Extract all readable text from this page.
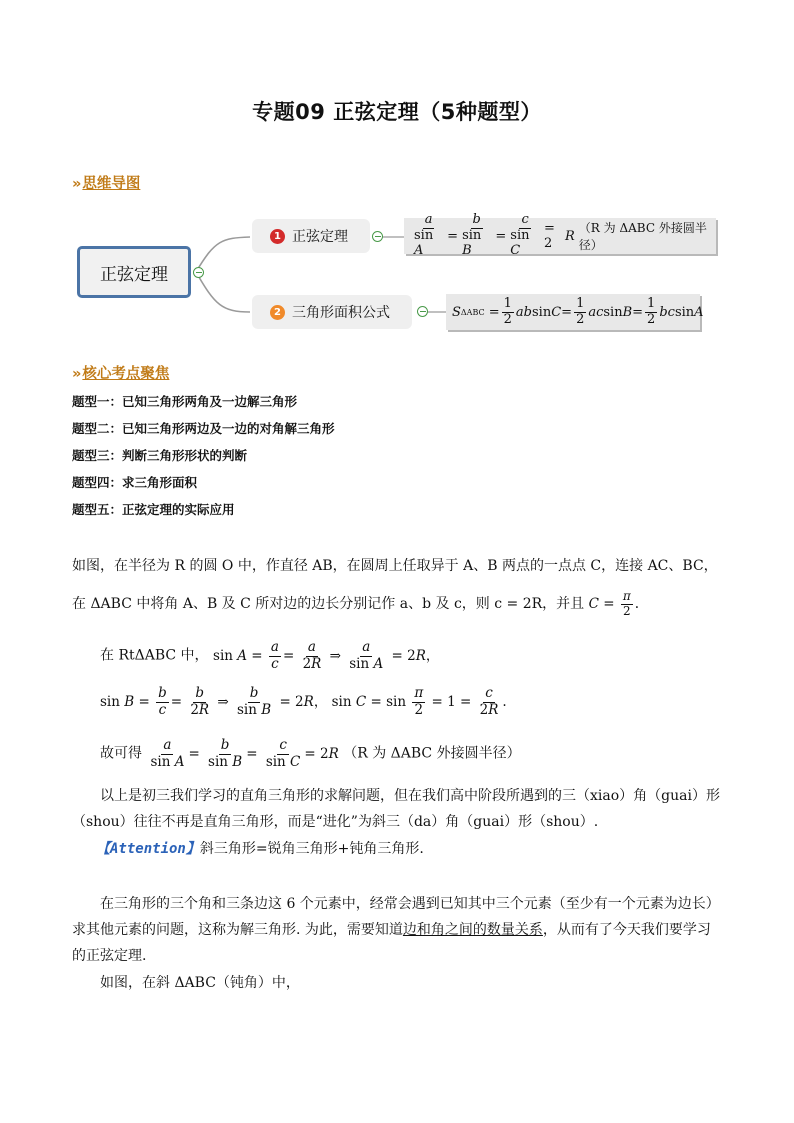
专题09 正弦定理（5种题型）
» 思维导图
正弦定理
1 正弦定理
2 三角形面积公式
$\frac{a}{\text{sin A}} = \frac{b}{\text{sin B}} = \frac{c}{\text{sin C}} = 2$ R
（R 为 ΔABC 外接圆半径）
S $\Delta ABC = \frac{1}{2}$ ab $\sin C = \frac{1}{2}$ ac $\sin B = \frac{1}{2}$ bc sin A
» 核心考点聚焦
题型一：已知三角形两角及一边解三角形
题型二：已知三角形两边及一边的对角解三角形
题型三：判断三角形形状的判断
题型四：求三角形面积
题型五：正弦定理的实际应用
如图，在半径为 R 的圆 O 中，作直径 AB，在圆周上任取异于 A、B 两点的一点点 C，连接 AC、BC，
在 ΔABC 中将角 A、B 及 C 所对边的边长分别记作 a、b 及 c，则 c = 2R，并且 $C = \frac{\pi}{2}$ .
在 RtΔABC 中， $\sin A = \frac{a}{c} = \frac{a}{2R}$ ⇒ $\frac{a}{\text{sin A}} = 2R$，
$\sin B = \frac{b}{c} = \frac{b}{2R}$ ⇒ $\frac{b}{\text{sin B}} = 2R$， $\sin C = \sin \frac{\pi}{2} = 1 = \frac{c}{2R}$ .
故可得 $\frac{a}{\text{sin A}} = \frac{b}{\text{sin B}} = \frac{c}{\text{sin C}} = 2R$ （R 为 ΔABC 外接圆半径）
以上是初三我们学习的直角三角形的求解问题，但在我们高中阶段所遇到的三（xiao）角（guai）形
（shou）往往不再是直角三角形，而是“进化”为斜三（da）角（guai）形（shou）.
【Attention】斜三角形=锐角三角形+钝角三角形.
在三角形的三个角和三条边这 6 个元素中，经常会遇到已知其中三个元素（至少有一个元素为边长）
求其他元素的问题，这称为解三角形. 为此，需要知道边和角之间的数量关系，从而有了今天我们要学习
的正弦定理.
如图，在斜 ΔABC（钝角）中，
